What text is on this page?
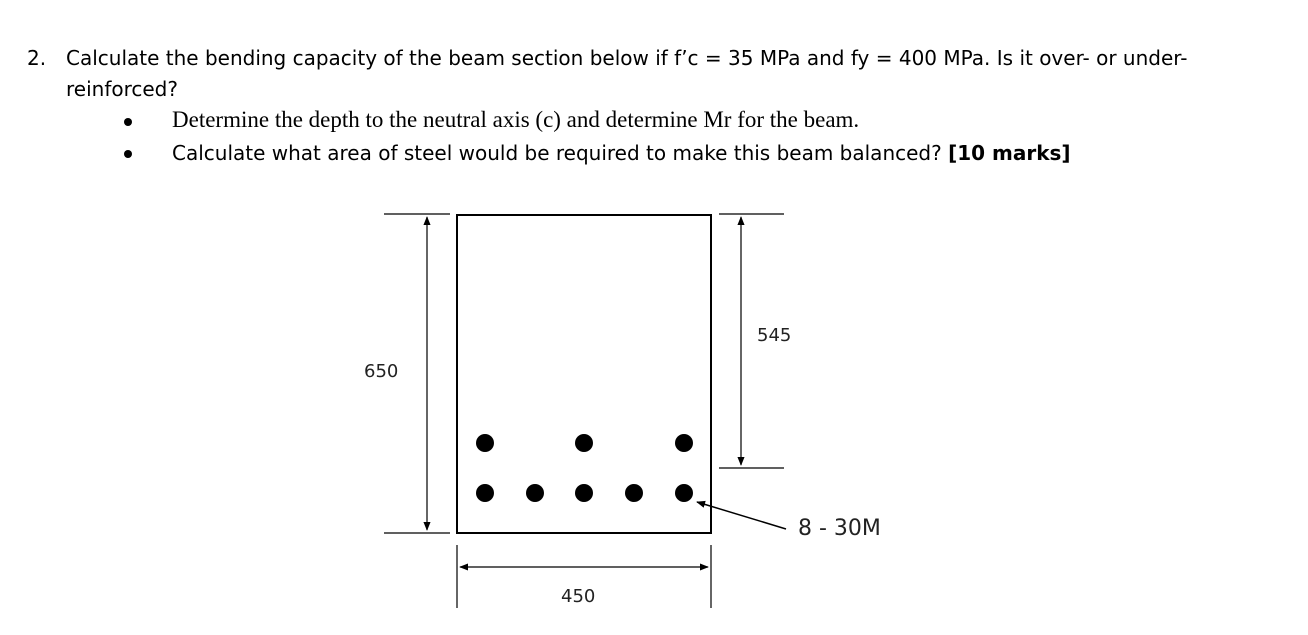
2. Calculate the bending capacity of the beam section below if f’c = 35 MPa and fy = 400 MPa. Is it over- or under-
reinforced?
Determine the depth to the neutral axis (c) and determine Mr for the beam.
Calculate what area of steel would be required to make this beam balanced? [10 marks]
650
545
450
8 - 30M
